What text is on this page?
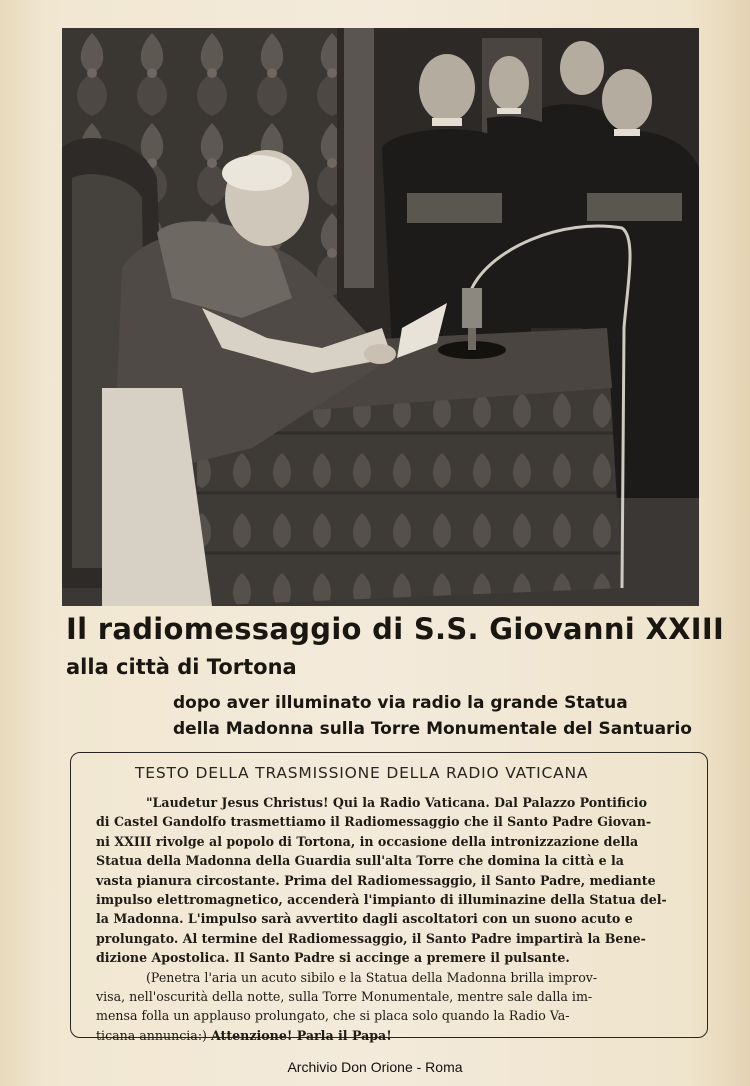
Il radiomessaggio di S.S. Giovanni XXIII
alla città di Tortona
dopo aver illuminato via radio la grande Statua
della Madonna sulla Torre Monumentale del Santuario
TESTO DELLA TRASMISSIONE DELLA RADIO VATICANA
"Laudetur Jesus Christus! Qui la Radio Vaticana. Dal Palazzo Pontificio
di Castel Gandolfo trasmettiamo il Radiomessaggio che il Santo Padre Giovan-
ni XXIII rivolge al popolo di Tortona, in occasione della intronizzazione della
Statua della Madonna della Guardia sull'alta Torre che domina la città e la
vasta pianura circostante. Prima del Radiomessaggio, il Santo Padre, mediante
impulso elettromagnetico, accenderà l'impianto di illuminazine della Statua del-
la Madonna. L'impulso sarà avvertito dagli ascoltatori con un suono acuto e
prolungato. Al termine del Radiomessaggio, il Santo Padre impartirà la Bene-
dizione Apostolica. Il Santo Padre si accinge a premere il pulsante.
(Penetra l'aria un acuto sibilo e la Statua della Madonna brilla improv-
visa, nell'oscurità della notte, sulla Torre Monumentale, mentre sale dalla im-
mensa folla un applauso prolungato, che si placa solo quando la Radio Va-
ticana annuncia:) Attenzione! Parla il Papa!
Archivio Don Orione - Roma
